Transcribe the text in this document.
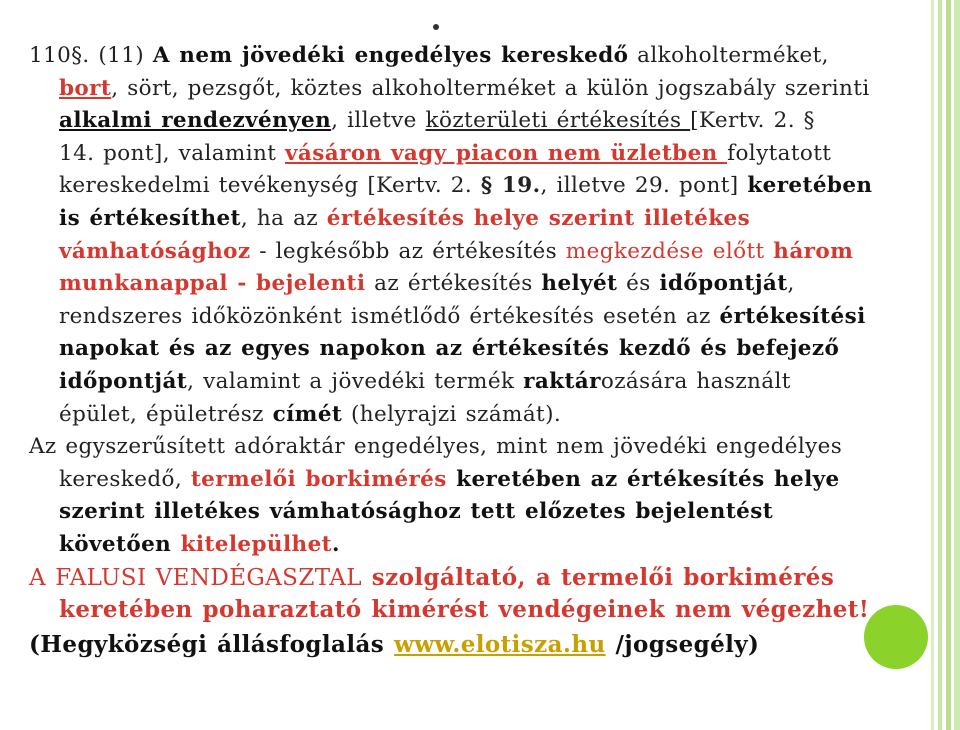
110§. (11) A nem jövedéki engedélyes kereskedő alkoholterméket,
bort, sört, pezsgőt, köztes alkoholterméket a külön jogszabály szerinti
alkalmi rendezvényen, illetve közterületi értékesítés [Kertv. 2. §
14. pont], valamint vásáron vagy piacon nem üzletben folytatott
kereskedelmi tevékenység [Kertv. 2. § 19., illetve 29. pont] keretében
is értékesíthet, ha az értékesítés helye szerint illetékes
vámhatósághoz - legkésőbb az értékesítés megkezdése előtt három
munkanappal - bejelenti az értékesítés helyét és időpontját,
rendszeres időközönként ismétlődő értékesítés esetén az értékesítési
napokat és az egyes napokon az értékesítés kezdő és befejező
időpontját, valamint a jövedéki termék raktározására használt
épület, épületrész címét (helyrajzi számát).
Az egyszerűsített adóraktár engedélyes, mint nem jövedéki engedélyes
kereskedő, termelői borkimérés keretében az értékesítés helye
szerint illetékes vámhatósághoz tett előzetes bejelentést
követően kitelepülhet.
A FALUSI VENDÉGASZTAL szolgáltató, a termelői borkimérés
keretében poharaztató kimérést vendégeinek nem végezhet!
(Hegyközségi állásfoglalás www.elotisza.hu /jogsegély)
